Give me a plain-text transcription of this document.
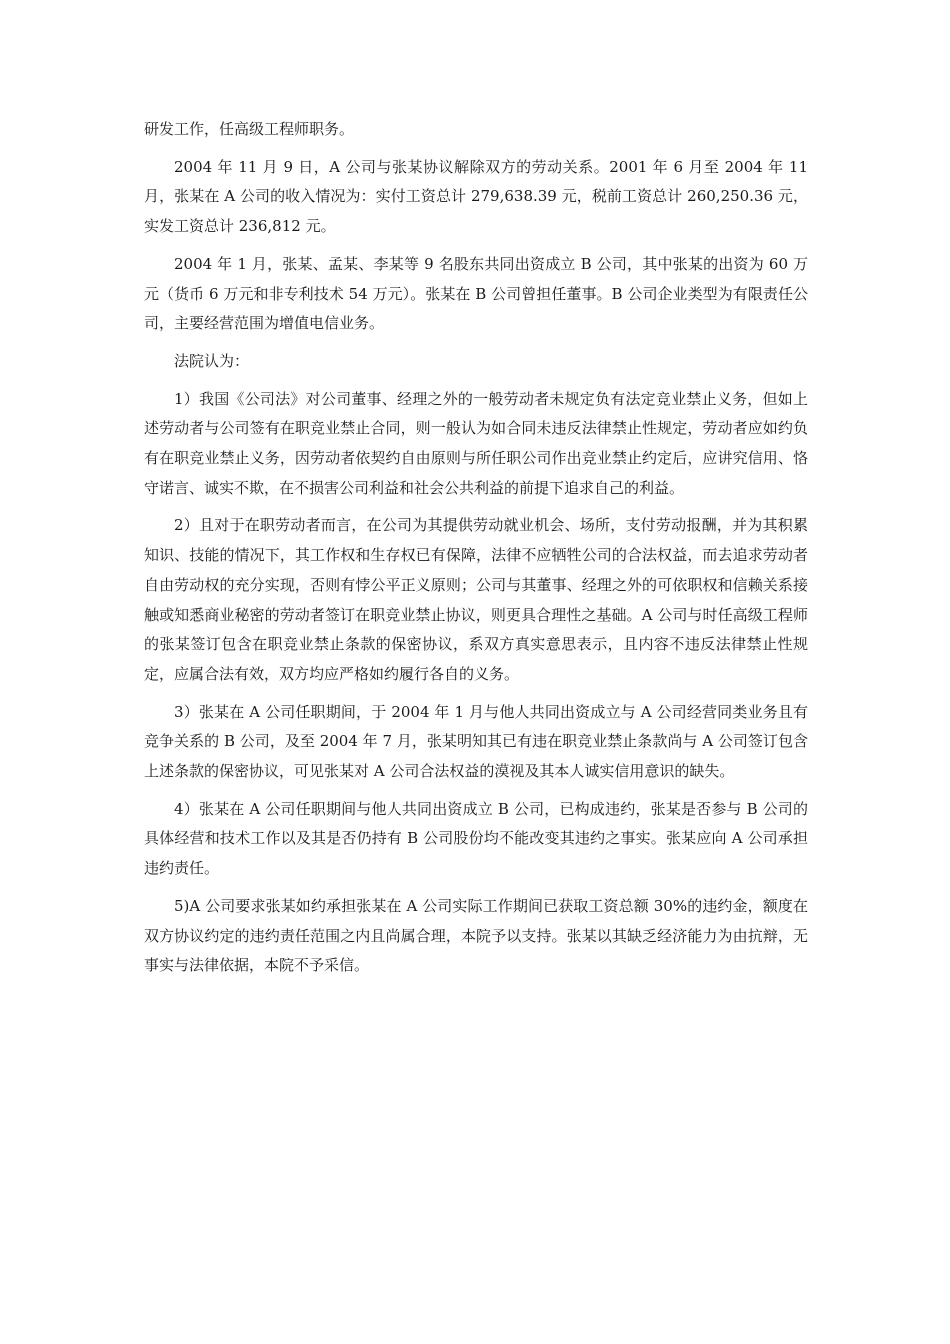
研发工作，任高级工程师职务。

2004 年 11 月 9 日，A 公司与张某协议解除双方的劳动关系。2001 年 6 月至 2004 年 11 月，张某在 A 公司的收入情况为：实付工资总计 279,638.39 元，税前工资总计 260,250.36 元，实发工资总计 236,812 元。

2004 年 1 月，张某、孟某、李某等 9 名股东共同出资成立 B 公司，其中张某的出资为 60 万元（货币 6 万元和非专利技术 54 万元）。张某在 B 公司曾担任董事。B 公司企业类型为有限责任公司，主要经营范围为增值电信业务。

法院认为：

1）我国《公司法》对公司董事、经理之外的一般劳动者未规定负有法定竞业禁止义务，但如上述劳动者与公司签有在职竞业禁止合同，则一般认为如合同未违反法律禁止性规定，劳动者应如约负有在职竞业禁止义务，因劳动者依契约自由原则与所任职公司作出竞业禁止约定后，应讲究信用、恪守诺言、诚实不欺，在不损害公司利益和社会公共利益的前提下追求自己的利益。

2）且对于在职劳动者而言，在公司为其提供劳动就业机会、场所，支付劳动报酬，并为其积累知识、技能的情况下，其工作权和生存权已有保障，法律不应牺牲公司的合法权益，而去追求劳动者自由劳动权的充分实现，否则有悖公平正义原则；公司与其董事、经理之外的可依职权和信赖关系接触或知悉商业秘密的劳动者签订在职竞业禁止协议，则更具合理性之基础。A 公司与时任高级工程师的张某签订包含在职竞业禁止条款的保密协议，系双方真实意思表示，且内容不违反法律禁止性规定，应属合法有效，双方均应严格如约履行各自的义务。

3）张某在 A 公司任职期间，于 2004 年 1 月与他人共同出资成立与 A 公司经营同类业务且有竞争关系的 B 公司，及至 2004 年 7 月，张某明知其已有违在职竞业禁止条款尚与 A 公司签订包含上述条款的保密协议，可见张某对 A 公司合法权益的漠视及其本人诚实信用意识的缺失。

4）张某在 A 公司任职期间与他人共同出资成立 B 公司，已构成违约，张某是否参与 B 公司的具体经营和技术工作以及其是否仍持有 B 公司股份均不能改变其违约之事实。张某应向 A 公司承担违约责任。

5)A 公司要求张某如约承担张某在 A 公司实际工作期间已获取工资总额 30%的违约金，额度在双方协议约定的违约责任范围之内且尚属合理，本院予以支持。张某以其缺乏经济能力为由抗辩，无事实与法律依据，本院不予采信。
